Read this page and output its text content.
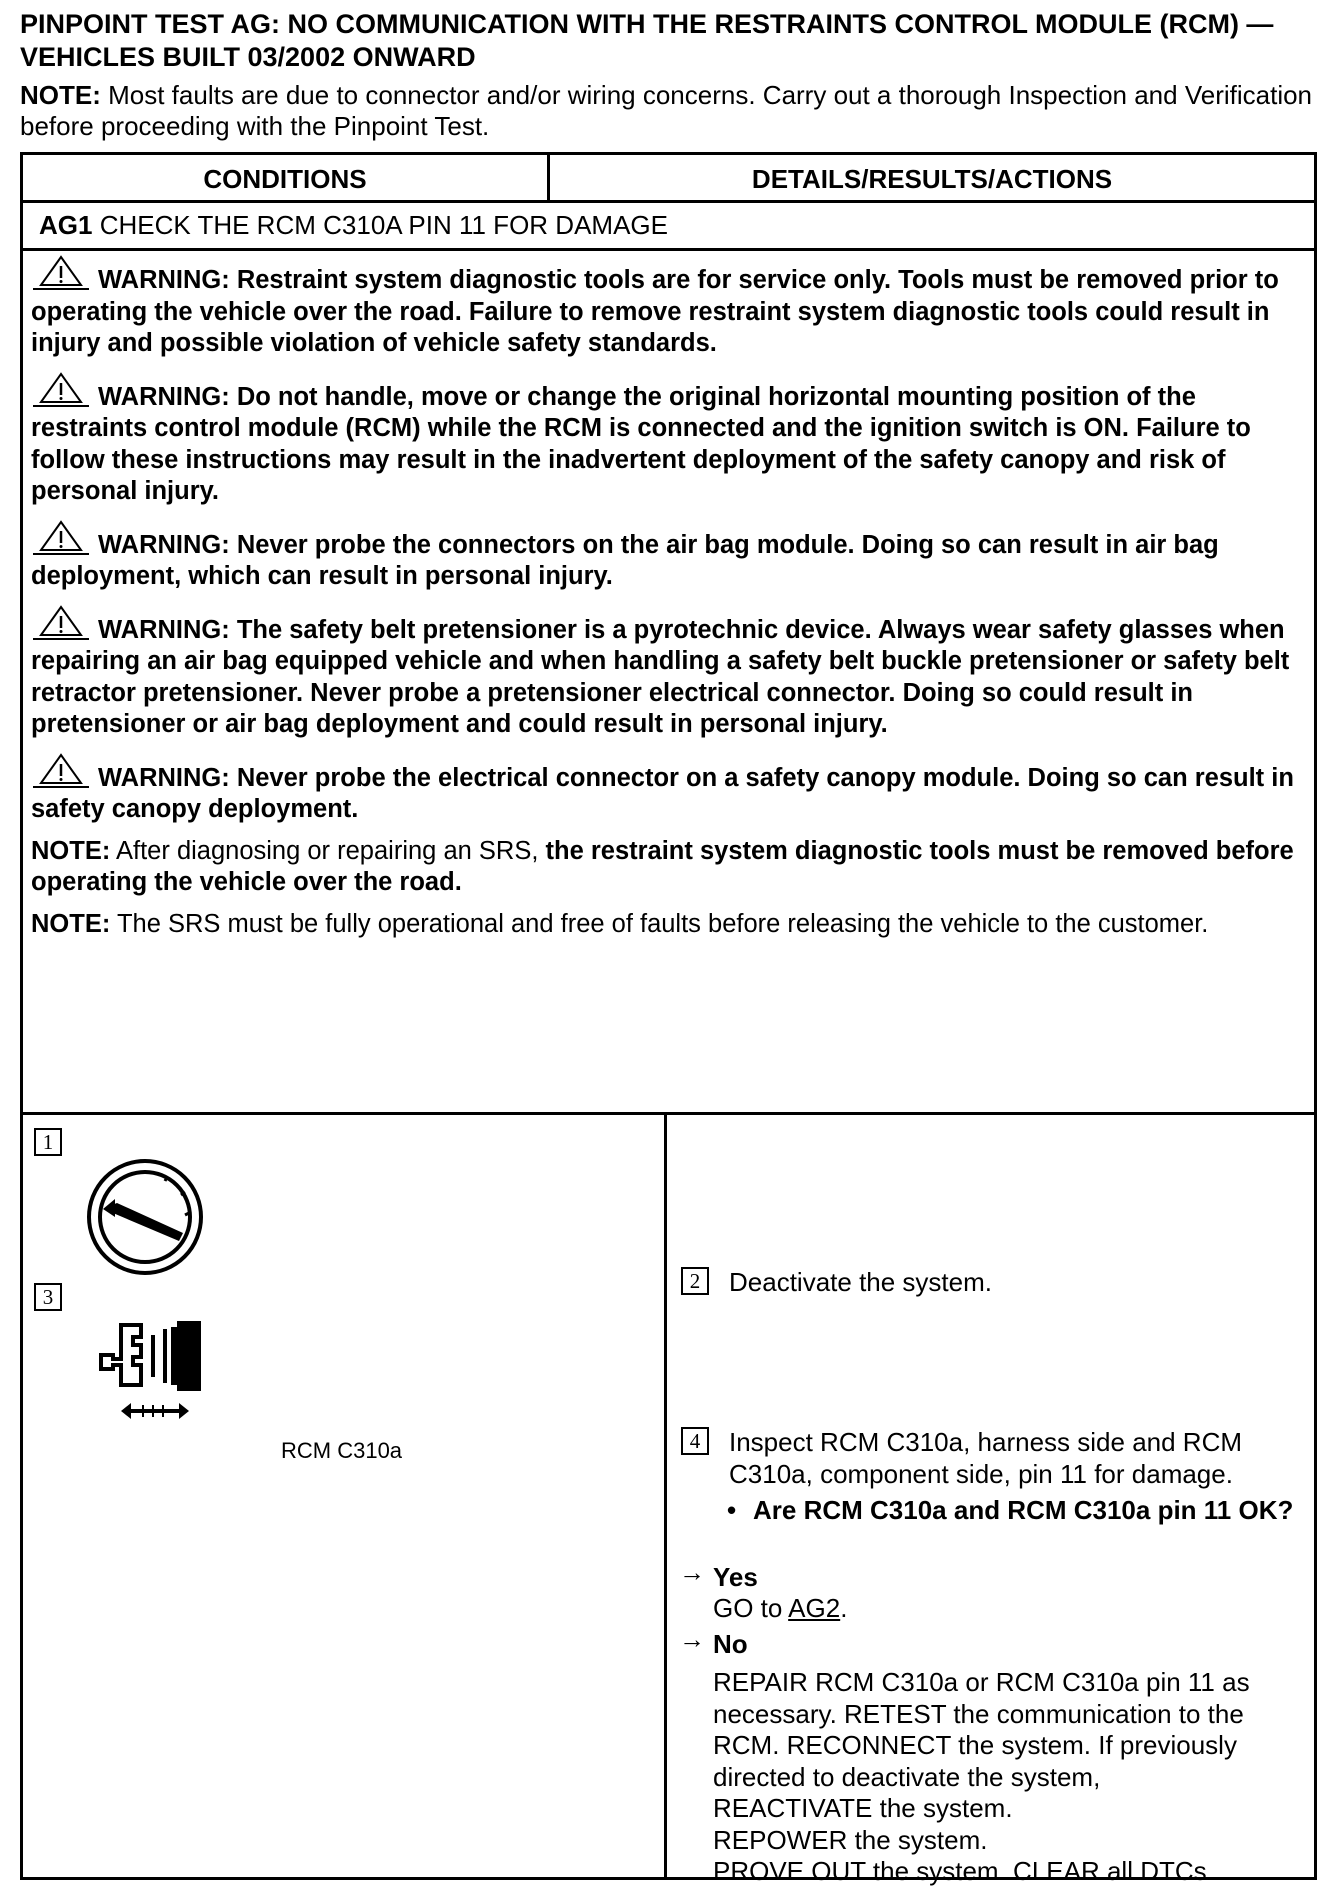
PINPOINT TEST AG: NO COMMUNICATION WITH THE RESTRAINTS CONTROL MODULE (RCM) —
VEHICLES BUILT 03/2002 ONWARD
NOTE: Most faults are due to connector and/or wiring concerns. Carry out a thorough Inspection and Verification before proceeding with the Pinpoint Test.
CONDITIONS	DETAILS/RESULTS/ACTIONS
AG1 CHECK THE RCM C310A PIN 11 FOR DAMAGE
WARNING: Restraint system diagnostic tools are for service only. Tools must be removed prior to operating the vehicle over the road. Failure to remove restraint system diagnostic tools could result in injury and possible violation of vehicle safety standards.
WARNING: Do not handle, move or change the original horizontal mounting position of the restraints control module (RCM) while the RCM is connected and the ignition switch is ON. Failure to follow these instructions may result in the inadvertent deployment of the safety canopy and risk of personal injury.
WARNING: Never probe the connectors on the air bag module. Doing so can result in air bag deployment, which can result in personal injury.
WARNING: The safety belt pretensioner is a pyrotechnic device. Always wear safety glasses when repairing an air bag equipped vehicle and when handling a safety belt buckle pretensioner or safety belt retractor pretensioner. Never probe a pretensioner electrical connector. Doing so could result in pretensioner or air bag deployment and could result in personal injury.
WARNING: Never probe the electrical connector on a safety canopy module. Doing so can result in safety canopy deployment.
NOTE: After diagnosing or repairing an SRS, the restraint system diagnostic tools must be removed before operating the vehicle over the road.
NOTE: The SRS must be fully operational and free of faults before releasing the vehicle to the customer.
1
3
RCM C310a
2	Deactivate the system.
4	Inspect RCM C310a, harness side and RCM C310a, component side, pin 11 for damage.
• Are RCM C310a and RCM C310a pin 11 OK?
→ Yes
GO to AG2.
→ No
REPAIR RCM C310a or RCM C310a pin 11 as
necessary. RETEST the communication to the
RCM. RECONNECT the system. If previously
directed to deactivate the system,
REACTIVATE the system.
REPOWER the system.
PROVE OUT the system. CLEAR all DTCs.
